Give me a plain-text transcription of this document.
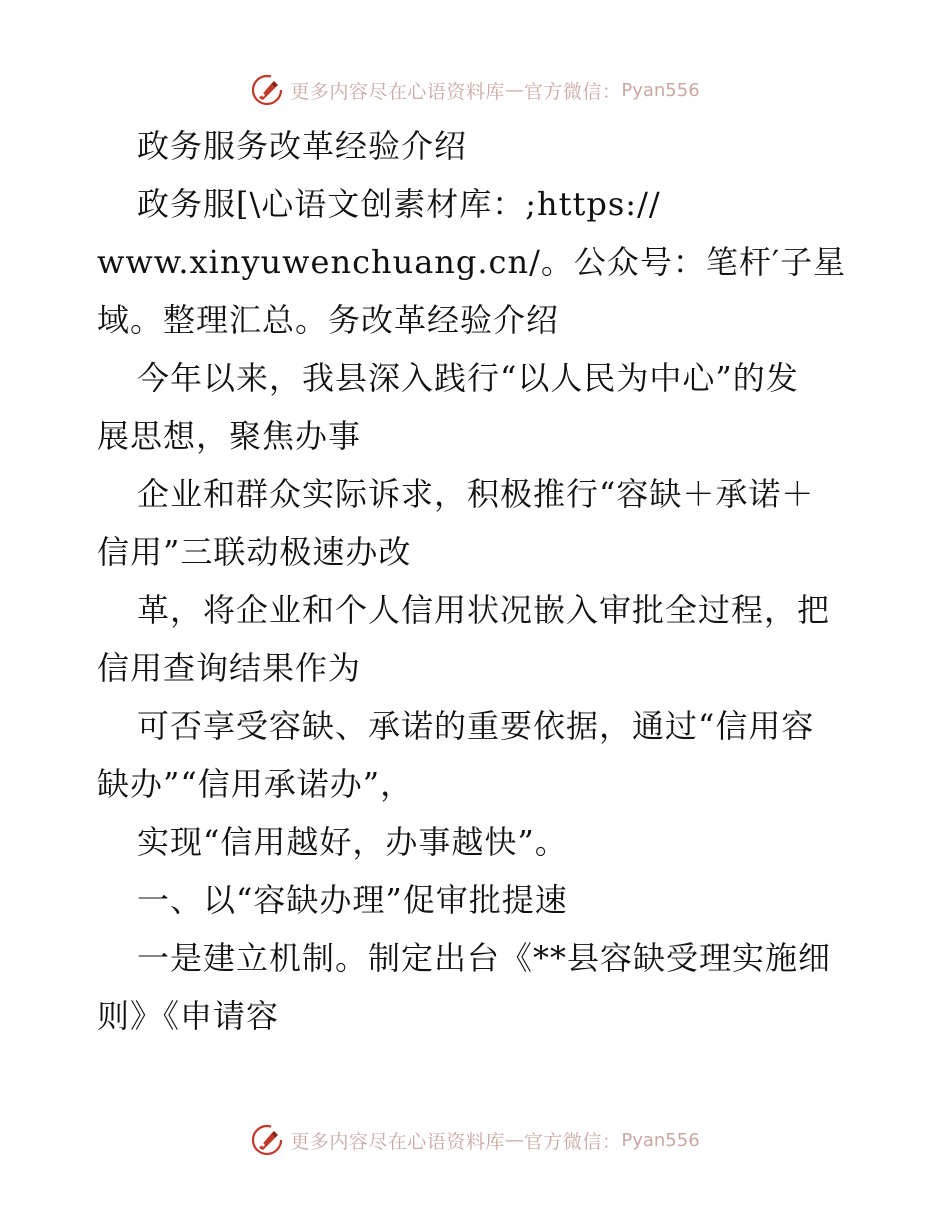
更多内容尽在心语资料库 — 官方微信： Pyan556
政务服务改革经验介绍
政务服[\心语文创素材库：;https://
www.xinyuwenchuang.cn/。公众号：笔杆′子星
域。整理汇总。务改革经验介绍
今年以来，我县深入践行“以人民为中心”的发
展思想，聚焦办事
企业和群众实际诉求，积极推行“容缺＋承诺＋
信用”三联动极速办改
革，将企业和个人信用状况嵌入审批全过程，把
信用查询结果作为
可否享受容缺、承诺的重要依据，通过“信用容
缺办”“信用承诺办”，
实现“信用越好，办事越快”。
一、以“容缺办理”促审批提速
一是建立机制。制定出台《**县容缺受理实施细
则》《申请容
更多内容尽在心语资料库 — 官方微信： Pyan556
